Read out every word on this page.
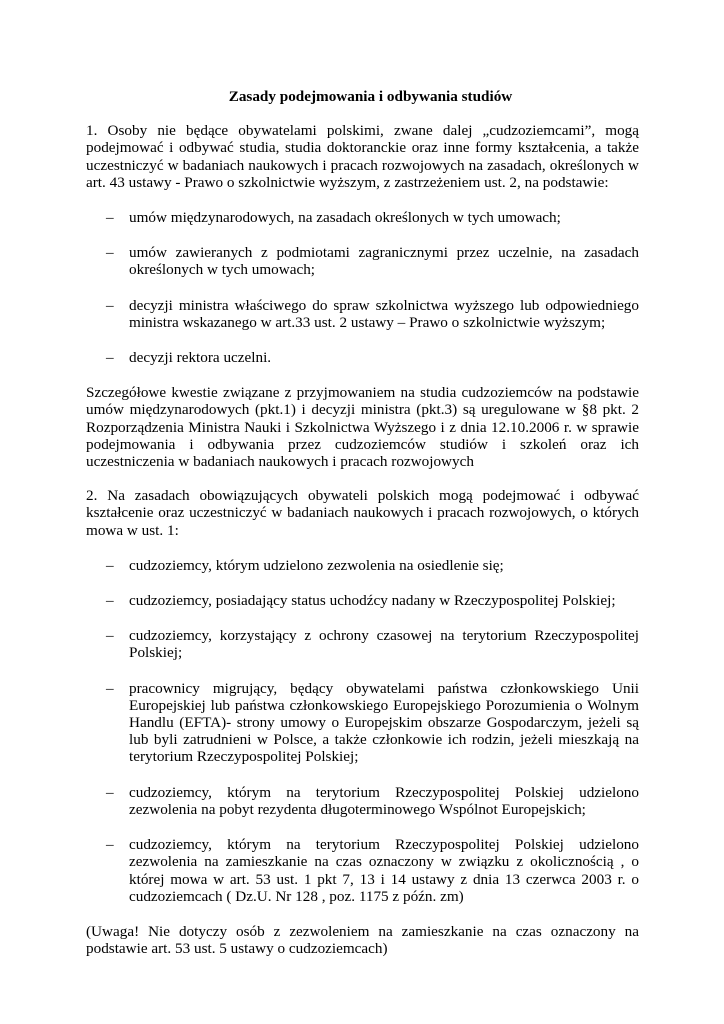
Zasady podejmowania i odbywania studiów

1. Osoby nie będące obywatelami polskimi, zwane dalej „cudzoziemcami”, mogą podejmować i odbywać studia, studia doktoranckie oraz inne formy kształcenia, a także uczestniczyć w badaniach naukowych i pracach rozwojowych na zasadach, określonych w art. 43 ustawy - Prawo o szkolnictwie wyższym, z zastrzeżeniem ust. 2, na podstawie:

– umów międzynarodowych, na zasadach określonych w tych umowach;
– umów zawieranych z podmiotami zagranicznymi przez uczelnie, na zasadach określonych w tych umowach;
– decyzji ministra właściwego do spraw szkolnictwa wyższego lub odpowiedniego ministra wskazanego w art.33 ust. 2 ustawy – Prawo o szkolnictwie wyższym;
– decyzji rektora uczelni.

Szczegółowe kwestie związane z przyjmowaniem na studia cudzoziemców na podstawie umów międzynarodowych (pkt.1) i decyzji ministra (pkt.3) są uregulowane w §8 pkt. 2 Rozporządzenia Ministra Nauki i Szkolnictwa Wyższego i z dnia 12.10.2006 r. w sprawie podejmowania i odbywania przez cudzoziemców studiów i szkoleń oraz ich uczestniczenia w badaniach naukowych i pracach rozwojowych

2. Na zasadach obowiązujących obywateli polskich mogą podejmować i odbywać kształcenie oraz uczestniczyć w badaniach naukowych i pracach rozwojowych, o których mowa w ust. 1:

– cudzoziemcy, którym udzielono zezwolenia na osiedlenie się;
– cudzoziemcy, posiadający status uchodźcy nadany w Rzeczypospolitej Polskiej;
– cudzoziemcy, korzystający z ochrony czasowej na terytorium Rzeczypospolitej Polskiej;
– pracownicy migrujący, będący obywatelami państwa członkowskiego Unii Europejskiej lub państwa członkowskiego Europejskiego Porozumienia o Wolnym Handlu (EFTA)- strony umowy o Europejskim obszarze Gospodarczym, jeżeli są lub byli zatrudnieni w Polsce, a także członkowie ich rodzin, jeżeli mieszkają na terytorium Rzeczypospolitej Polskiej;
– cudzoziemcy, którym na terytorium Rzeczypospolitej Polskiej udzielono zezwolenia na pobyt rezydenta długoterminowego Wspólnot Europejskich;
– cudzoziemcy, którym na terytorium Rzeczypospolitej Polskiej udzielono zezwolenia na zamieszkanie na czas oznaczony w związku z okolicznością , o której mowa w art. 53 ust. 1 pkt 7, 13 i 14 ustawy z dnia 13 czerwca 2003 r. o cudzoziemcach ( Dz.U. Nr 128 , poz. 1175 z późn. zm)

(Uwaga! Nie dotyczy osób z zezwoleniem na zamieszkanie na czas oznaczony na podstawie art. 53 ust. 5 ustawy o cudzoziemcach)
